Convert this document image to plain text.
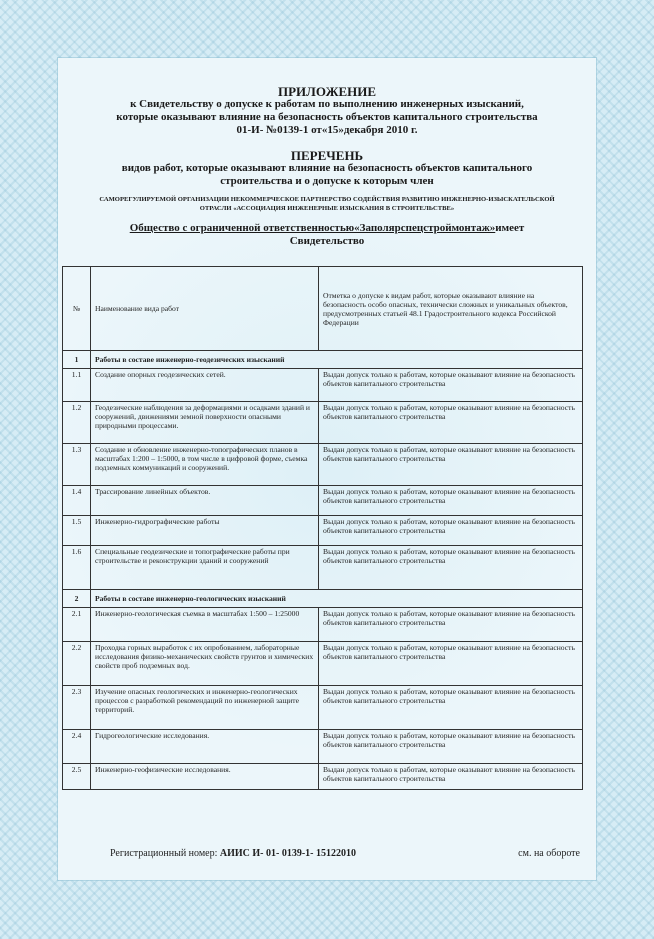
ПРИЛОЖЕНИЕ
к Свидетельству о допуске к работам по выполнению инженерных изысканий,
которые оказывают влияние на безопасность объектов капитального строительства
01-И- №0139-1 от«15»декабря 2010 г.
ПЕРЕЧЕНЬ
видов работ, которые оказывают влияние на безопасность объектов капитального
строительства и о допуске к которым член
САМОРЕГУЛИРУЕМОЙ ОРГАНИЗАЦИИ НЕКОММЕРЧЕСКОЕ ПАРТНЕРСТВО СОДЕЙСТВИЯ РАЗВИТИЮ ИНЖЕНЕРНО-ИЗЫСКАТЕЛЬСКОЙ ОТРАСЛИ «АССОЦИАЦИЯ ИНЖЕНЕРНЫЕ ИЗЫСКАНИЯ В СТРОИТЕЛЬСТВЕ»
Общество с ограниченной ответственностью«Заполярспецстроймонтаж»имеет
Свидетельство
№	Наименование вида работ	Отметка о допуске к видам работ, которые оказывают влияние на безопасность особо опасных, технически сложных и уникальных объектов, предусмотренных статьей 48.1 Градостроительного кодекса Российской Федерации
1	Работы в составе инженерно-геодезических изысканий	
1.1	Создание опорных геодезических сетей.	Выдан допуск только к работам, которые оказывают влияние на безопасность объектов капитального строительства
1.2	Геодезические наблюдения за деформациями и осадками зданий и сооружений, движениями земной поверхности опасными природными процессами.	Выдан допуск только к работам, которые оказывают влияние на безопасность объектов капитального строительства
1.3	Создание и обновление инженерно-топографических планов в масштабах 1:200 – 1:5000, в том числе в цифровой форме, съемка подземных коммуникаций и сооружений.	Выдан допуск только к работам, которые оказывают влияние на безопасность объектов капитального строительства
1.4	Трассирование линейных объектов.	Выдан допуск только к работам, которые оказывают влияние на безопасность объектов капитального строительства
1.5	Инженерно-гидрографические работы	Выдан допуск только к работам, которые оказывают влияние на безопасность объектов капитального строительства
1.6	Специальные геодезические и топографические работы при строительстве и реконструкции зданий и сооружений	Выдан допуск только к работам, которые оказывают влияние на безопасность объектов капитального строительства
2	Работы в составе инженерно-геологических изысканий	
2.1	Инженерно-геологическая съемка в масштабах 1:500 – 1:25000	Выдан допуск только к работам, которые оказывают влияние на безопасность объектов капитального строительства
2.2	Проходка горных выработок с их опробованием, лабораторные исследования физико-механических свойств грунтов и химических свойств проб подземных вод.	Выдан допуск только к работам, которые оказывают влияние на безопасность объектов капитального строительства
2.3	Изучение опасных геологических и инженерно-геологических процессов с разработкой рекомендаций по инженерной защите территорий.	Выдан допуск только к работам, которые оказывают влияние на безопасность объектов капитального строительства
2.4	Гидрогеологические исследования.	Выдан допуск только к работам, которые оказывают влияние на безопасность объектов капитального строительства
2.5	Инженерно-геофизические исследования.	Выдан допуск только к работам, которые оказывают влияние на безопасность объектов капитального строительства
Регистрационный номер: АИИС И- 01- 0139-1- 15122010	см. на обороте
